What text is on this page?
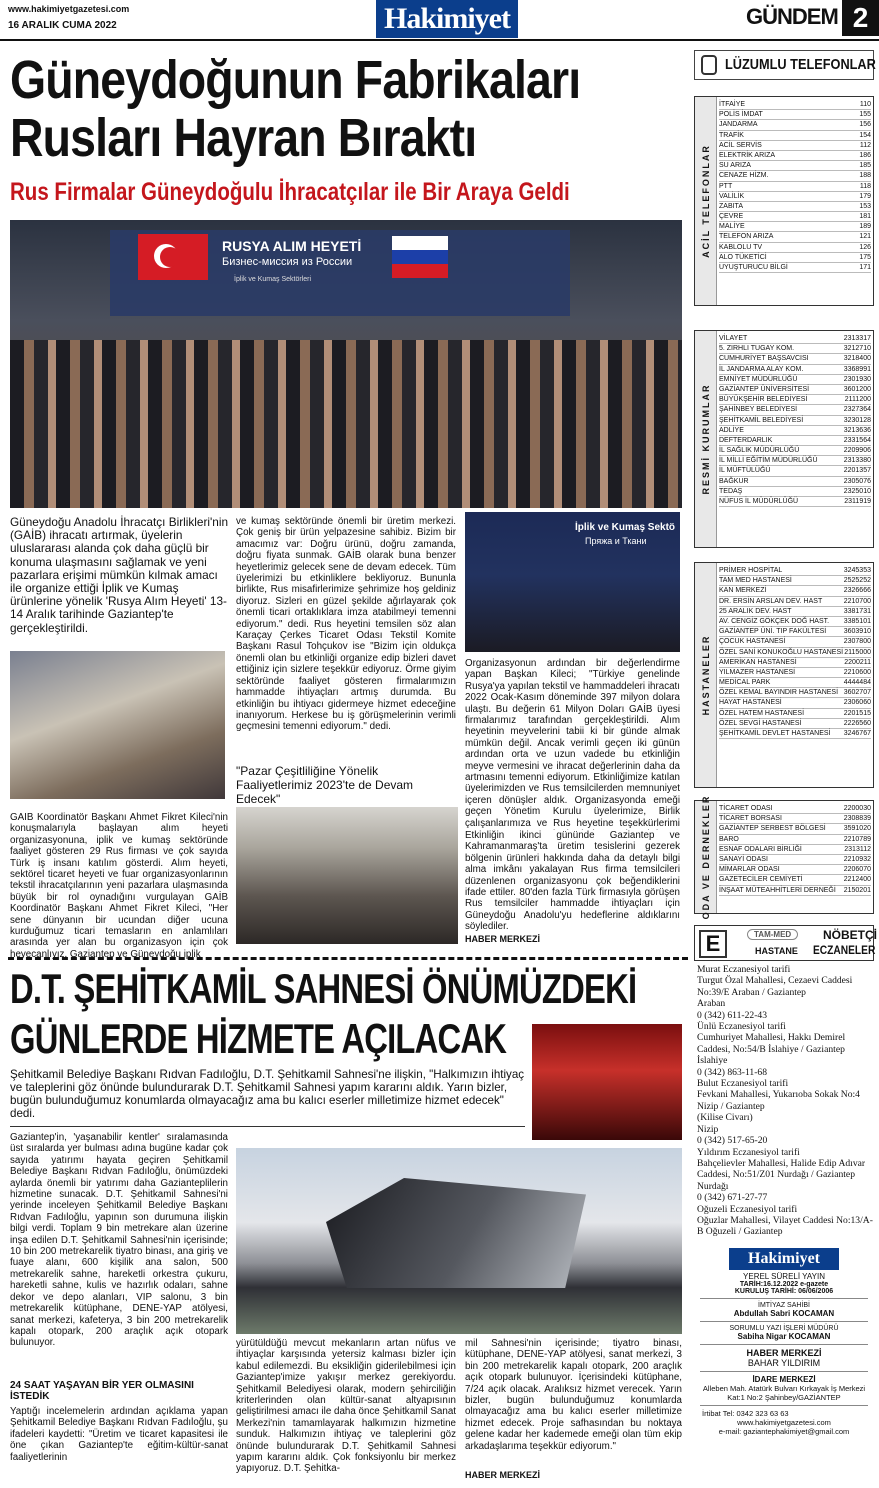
www.hakimiyetgazetesi.com
16 ARALIK CUMA 2022	Hakimiyet	GÜNDEM 2
Güneydoğunun Fabrikaları
Rusları Hayran Bıraktı
Rus Firmalar Güneydoğulu İhracatçılar ile Bir Araya Geldi
RUSYA ALIM HEYETİ
Бизнес-миссия из России
İplik ve Kumaş Sektörleri
Güneydoğu Anadolu İhracatçı Birlikleri'nin (GAİB) ihracatı artırmak, üyelerin uluslararası alanda çok daha güçlü bir konuma ulaşmasını sağlamak ve yeni pazarlara erişimi mümkün kılmak amacı ile organize ettiği İplik ve Kumaş ürünlerine yönelik 'Rusya Alım Heyeti' 13-14 Aralık tarihinde Gaziantep'te gerçekleştirildi.
GAİB Koordinatör Başkanı Ahmet Fikret Kileci'nin konuşmalarıyla başlayan alım heyeti organizasyonuna, iplik ve kumaş sektöründe faaliyet gösteren 29 Rus firması ve çok sayıda Türk iş insanı katılım gösterdi. Alım heyeti, sektörel ticaret heyeti ve fuar organizasyonlarının tekstil ihracatçılarının yeni pazarlara ulaşmasında büyük bir rol oynadığını vurgulayan GAİB Koordinatör Başkanı Ahmet Fikret Kileci, "Her sene dünyanın bir ucundan diğer ucuna kurduğumuz ticari temasların en anlamlıları arasında yer alan bu organizasyon için çok heyecanlıyız. Gaziantep ve Güneydoğu iplik
ve kumaş sektöründe önemli bir üretim merkezi. Çok geniş bir ürün yelpazesine sahibiz. Bizim bir amacımız var: Doğru ürünü, doğru zamanda, doğru fiyata sunmak. GAİB olarak buna benzer heyetlerimiz gelecek sene de devam edecek. Tüm üyelerimizi bu etkinliklere bekliyoruz. Bununla birlikte, Rus misafirlerimize şehrimize hoş geldiniz diyoruz. Sizleri en güzel şekilde ağırlayarak çok önemli ticari ortaklıklara imza atabilmeyi temenni ediyorum." dedi. Rus heyetini temsilen söz alan Karaçay Çerkes Ticaret Odası Tekstil Komite Başkanı Rasul Tohçukov ise "Bizim için oldukça önemli olan bu etkinliği organize edip bizleri davet ettiğiniz için sizlere teşekkür ediyoruz. Örme giyim sektöründe faaliyet gösteren firmalarımızın hammadde ihtiyaçları artmış durumda. Bu etkinliğin bu ihtiyacı gidermeye hizmet edeceğine inanıyorum. Herkese bu iş görüşmelerinin verimli geçmesini temenni ediyorum." dedi.
"Pazar Çeşitliliğine Yönelik Faaliyetlerimiz 2023'te de Devam Edecek"
İplik ve Kumaş Sektö
Пряжа и Ткани
Organizasyonun ardından bir değerlendirme yapan Başkan Kileci; "Türkiye genelinde Rusya'ya yapılan tekstil ve hammaddeleri ihracatı 2022 Ocak-Kasım döneminde 397 milyon dolara ulaştı. Bu değerin 61 Milyon Doları GAİB üyesi firmalarımız tarafından gerçekleştirildi. Alım heyetinin meyvelerini tabii ki bir günde almak mümkün değil. Ancak verimli geçen iki günün ardından orta ve uzun vadede bu etkinliğin meyve vermesini ve ihracat değerlerinin daha da artmasını temenni ediyorum. Etkinliğimize katılan üyelerimizden ve Rus temsilcilerden memnuniyet içeren dönüşler aldık. Organizasyonda emeği geçen Yönetim Kurulu üyelerimize, Birlik çalışanlarımıza ve Rus heyetine teşekkürlerimi
Etkinliğin ikinci gününde Gaziantep ve Kahramanmaraş'ta üretim tesislerini gezerek bölgenin ürünleri hakkında daha da detaylı bilgi alma imkânı yakalayan Rus firma temsilcileri düzenlenen organizasyonu çok beğendiklerini ifade ettiler. 80'den fazla Türk firmasıyla görüşen Rus temsilciler hammadde ihtiyaçları için Güneydoğu Anadolu'yu hedeflerine aldıklarını söylediler.
HABER MERKEZİ
D.T. ŞEHİTKAMİL SAHNESİ ÖNÜMÜZDEKİ
GÜNLERDE HİZMETE AÇILACAK
Şehitkamil Belediye Başkanı Rıdvan Fadıloğlu, D.T. Şehitkamil Sahnesi'ne ilişkin, "Halkımızın ihtiyaç ve taleplerini göz önünde bulundurarak D.T. Şehitkamil Sahnesi yapım kararını aldık. Yarın bizler, bugün bulunduğumuz konumlarda olmayacağız ama bu kalıcı eserler milletimize hizmet edecek" dedi.
Gaziantep'in, 'yaşanabilir kentler' sıralamasında üst sıralarda yer bulması adına bugüne kadar çok sayıda yatırımı hayata geçiren Şehitkamil Belediye Başkanı Rıdvan Fadıloğlu, önümüzdeki aylarda önemli bir yatırımı daha Gazianteplilerin hizmetine sunacak. D.T. Şehitkamil Sahnesi'ni yerinde inceleyen Şehitkamil Belediye Başkanı Rıdvan Fadıloğlu, yapının son durumuna ilişkin bilgi verdi. Toplam 9 bin metrekare alan üzerine inşa edilen D.T. Şehitkamil Sahnesi'nin içerisinde; 10 bin 200 metrekarelik tiyatro binası, ana giriş ve fuaye alanı, 600 kişilik ana salon, 500 metrekarelik sahne, hareketli orkestra çukuru, hareketli sahne, kulis ve hazırlık odaları, sahne dekor ve depo alanları, VIP salonu, 3 bin metrekarelik kütüphane, DENE-YAP atölyesi, sanat merkezi, kafeterya, 3 bin 200 metrekarelik kapalı otopark, 200 araçlık açık otopark bulunuyor.
24 SAAT YAŞAYAN BİR YER OLMASINI İSTEDİK
Yaptığı incelemelerin ardından açıklama yapan Şehitkamil Belediye Başkanı Rıdvan Fadıloğlu, şu ifadeleri kaydetti: "Üretim ve ticaret kapasitesi ile öne çıkan Gaziantep'te eğitim-kültür-sanat faaliyetlerinin
yürütüldüğü mevcut mekanların artan nüfus ve ihtiyaçlar karşısında yetersiz kalması bizler için kabul edilemezdi. Bu eksikliğin giderilebilmesi için Gaziantep'imize yakışır merkez gerekiyordu. Şehitkamil Belediyesi olarak, modern şehirciliğin kriterlerinden olan kültür-sanat altyapısının geliştirilmesi amacı ile daha önce Şehitkamil Sanat Merkezi'nin tamamlayarak halkımızın hizmetine sunduk. Halkımızın ihtiyaç ve taleplerini göz önünde bulundurarak D.T. Şehitkamil Sahnesi yapım kararını aldık. Çok fonksiyonlu bir merkez yapıyoruz. D.T. Şehitka-
mil Sahnesi'nin içerisinde; tiyatro binası, kütüphane, DENE-YAP atölyesi, sanat merkezi, 3 bin 200 metrekarelik kapalı otopark, 200 araçlık açık otopark bulunuyor. İçerisindeki kütüphane, 7/24 açık olacak. Aralıksız hizmet verecek. Yarın bizler, bugün bulunduğumuz konumlarda olmayacağız ama bu kalıcı eserler milletimize hizmet edecek. Proje safhasından bu noktaya gelene kadar her kademede emeği olan tüm ekip arkadaşlarıma teşekkür ediyorum."
HABER MERKEZİ
LÜZUMLU TELEFONLAR
ACİL TELEFONLAR
İTFAİYE	110
POLİS İMDAT	155
JANDARMA	156
TRAFİK	154
ACİL SERVİS	112
ELEKTRİK ARIZA	186
SU ARIZA	185
CENAZE HİZM.	188
PTT	118
VALİLİK	179
ZABITA	153
ÇEVRE	181
MALİYE	189
TELEFON ARIZA	121
KABLOLU TV	126
ALO TÜKETİCİ	175
UYUŞTURUCU BİLGİ	171
RESMİ KURUMLAR
VİLAYET	2313317
5. ZIRHLI TUGAY KOM.	3212710
CUMHURİYET BAŞSAVCISI	3218400
İL JANDARMA ALAY KOM.	3368991
EMNİYET MÜDÜRLÜĞÜ	2301930
GAZİANTEP ÜNİVERSİTESİ	3601200
BÜYÜKŞEHİR BELEDİYESİ	2111200
ŞAHİNBEY BELEDİYESİ	2327364
ŞEHİTKAMİL BELEDİYESİ	3230128
ADLİYE	3213636
DEFTERDARLIK	2331564
İL SAĞLIK MÜDÜRLÜĞÜ	2209906
İL MİLLİ EĞİTİM MÜDÜRLÜĞÜ	2313380
İL MÜFTÜLÜĞÜ	2201357
BAĞKUR	2305076
TEDAŞ	2325010
NÜFUS İL MÜDÜRLÜĞÜ	2311919
HASTANELER
PRİMER HOSPİTAL	3245353
TAM MED HASTANESİ	2525252
KAN MERKEZİ	2326666
DR. ERSİN ARSLAN DEV. HAST	2210700
25 ARALIK DEV. HAST	3381731
AV. CENGİZ GÖKÇEK DOĞ HAST. 3385101
GAZİANTEP ÜNİ. TIP FAKÜLTESİ	3603910
ÇOCUK HASTANESİ	2307800
ÖZEL SANİ KONUKOĞLU HASTANESİ 2115000
AMERİKAN HASTANESİ	2200211
YILMAZER HASTANESİ	2210600
MEDİCAL PARK	4444484
ÖZEL KEMAL BAYINDIR HASTANESİ 3602707
HAYAT HASTANESİ	2306060
ÖZEL HATEM HASTANESİ	2201515
ÖZEL SEVGİ HASTANESİ	2226560
ŞEHİTKAMİL DEVLET HASTANESİ 3246767
ODA VE DERNEKLER TİCARET ODASI	2200030
TİCARET BORSASI	2308839
GAZİANTEP SERBEST BÖLGESİ	3591020
BARO	2210789
ESNAF ODALARI BİRLİĞİ	2313112
SANAYİ ODASI	2210932
MİMARLAR ODASI	2206070
GAZETECİLER CEMİYETİ	2212400
İNŞAAT MÜTEAHHİTLERİ DERNEĞİ 2150201
E	TAM-MED
HASTANE
NÖBETÇİ
ECZANELER
Murat Eczanesiyol tarifi
Turgut Özal Mahallesi, Cezaevi Caddesi No:39/E Araban / Gaziantep
Araban
0 (342) 611-22-43
Ünlü Eczanesiyol tarifi
Cumhuriyet Mahallesi, Hakkı Demirel Caddesi, No:54/B İslahiye / Gaziantep
İslahiye
0 (342) 863-11-68
Bulut Eczanesiyol tarifi
Fevkani Mahallesi, Yukarıoba Sokak No:4 Nizip / Gaziantep
(Kilise Civarı)
Nizip
0 (342) 517-65-20
Yıldırım Eczanesiyol tarifi
Bahçelievler Mahallesi, Halide Edip Adıvar Caddesi, No:51/Z01 Nurdağı / Gaziantep
Nurdağı
0 (342) 671-27-77
Oğuzeli Eczanesiyol tarifi
Oğuzlar Mahallesi, Vilayet Caddesi No:13/A-B Oğuzeli / Gaziantep
Hakimiyet
YEREL SÜRELİ YAYIN
TARİH:16.12.2022 e-gazete
KURULUŞ TARİHİ: 06/06/2006
İMTİYAZ SAHİBİ
Abdullah Sabri KOCAMAN
SORUMLU YAZI İŞLERİ MÜDÜRÜ
Sabiha Nigar KOCAMAN
HABER MERKEZİ
BAHAR YILDIRIM
İDARE MERKEZİ
Alleben Mah. Atatürk Bulvarı Kırkayak İş Merkezi Kat:1 No:2 Şahinbey/GAZİANTEP
İrtibat Tel: 0342 323 63 63
www.hakimiyetgazetesi.com
e-mail: gaziantephakimiyet@gmail.com
